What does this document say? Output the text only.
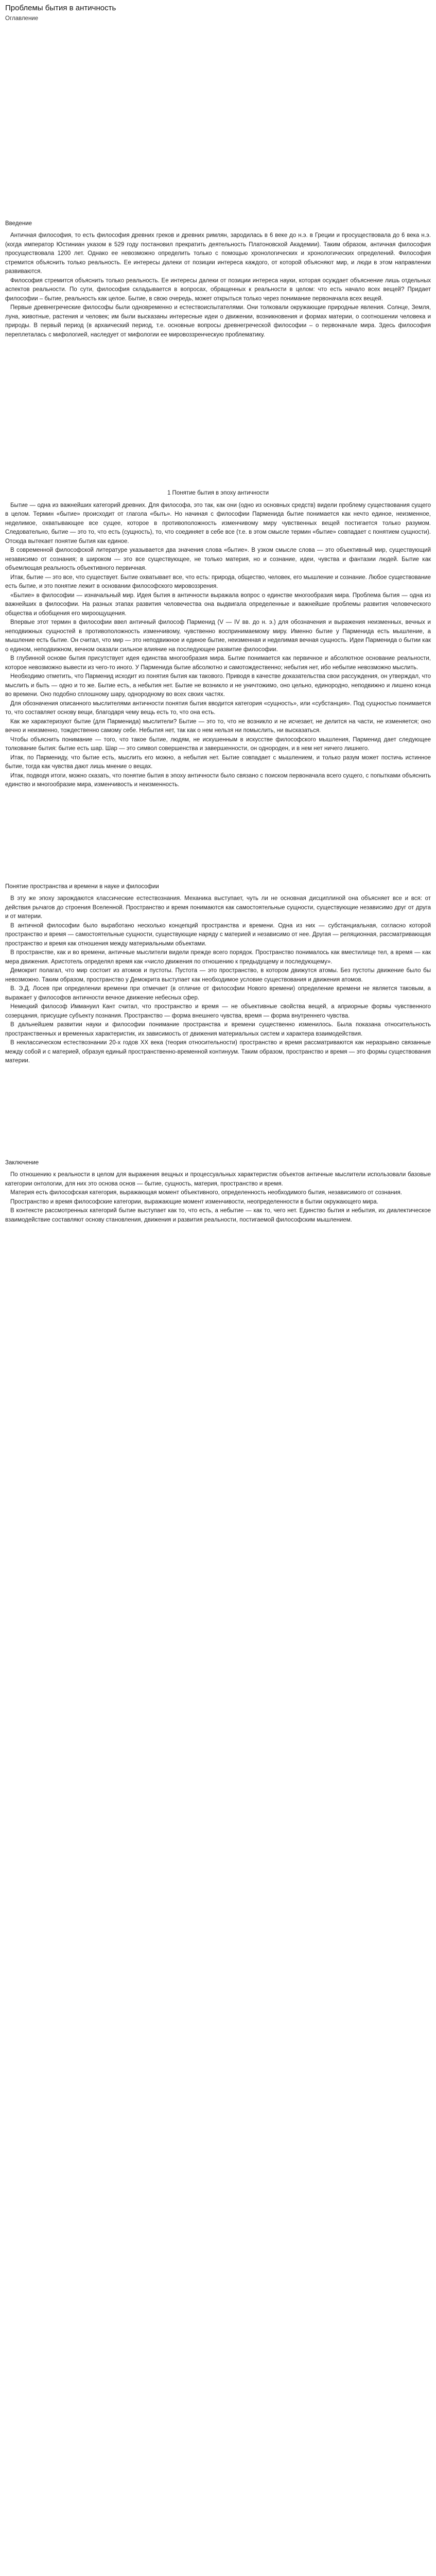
Проблемы бытия в античность
Оглавление
Введение

Античная философия, то есть философия древних греков и древних римлян, зародилась в 6 веке до н.э. в Греции и просуществовала до 6 века н.э. (когда император Юстиниан указом в 529 году постановил прекратить деятельность Платоновской Академии). Таким образом, античная философия просуществовала 1200 лет. Однако ее невозможно определить только с помощью хронологических и хронологических определений. Философия стремится объяснить только реальность. Ее интересы далеки от позиции интереса каждого, от которой объясняют мир, и люди в этом направлении развиваются.

Философия стремится объяснить только реальность. Ее интересы далеки от позиции интереса науки, которая осуждает объяснение лишь отдельных аспектов реальности. По сути, философия складывается в вопросах, обращенных к реальности в целом: что есть начало всех вещей? Придает философии – бытие, реальность как целое. Бытие, в свою очередь, может открыться только через понимание первоначала всех вещей.

Первые древнегреческие философы были одновременно и естествоиспытателями. Они толковали окружающие природные явления. Солнце, Земля, луна, животные, растения и человек; им были высказаны интересные идеи о движении, возникновения и формах материи, о соотношении человека и природы. В первый период (в архаический период, т.е. основные вопросы древнегреческой философии – о первоначале мира. Здесь философия переплеталась с мифологией, наследует от мифологии ее мировоззренческую проблематику.

1 Понятие бытия в эпоху античности

Бытие — одна из важнейших категорий древних. Для философа, это так, как они (одно из основных средств) видели проблему существования сущего в целом. Термин «бытие» происходит от глагола «быть». Но начиная с философии Парменида бытие понимается как нечто единое, неизменное, неделимое, охватывающее все сущее, которое в противоположность изменчивому миру чувственных вещей постигается только разумом. Следовательно, бытие — это то, что есть (сущность), то, что соединяет в себе все (т.е. в этом смысле термин «бытие» совпадает с понятием сущности). Отсюда вытекает понятие бытия как единое.

В современной философской литературе указывается два значения слова «бытие». В узком смысле слова — это объективный мир, существующий независимо от сознания; в широком — это все существующее, не только материя, но и сознание, идеи, чувства и фантазии людей. Бытие как объемлющая реальность объективного первичная.

Итак, бытие — это все, что существует. Бытие охватывает все, что есть: природа, общество, человек, его мышление и сознание. Любое существование есть бытие, и это понятие лежит в основании философского мировоззрения.

«Бытие» в философии — изначальный мир. Идея бытия в античности выражала вопрос о единстве многообразия мира. Проблема бытия — одна из важнейших в философии. На разных этапах развития человечества она выдвигала определенные и важнейшие проблемы развития человеческого общества и обобщения его мироощущения.

Впервые этот термин в философии ввел античный философ Парменид (V — IV вв. до н. э.) для обозначения и выражения неизменных, вечных и неподвижных сущностей в противоположность изменчивому, чувственно воспринимаемому миру. Именно бытие у Парменида есть мышление, а мышление есть бытие. Он считал, что мир — это неподвижное и единое бытие, неизменная и неделимая вечная сущность. Идеи Парменида о бытии как о едином, неподвижном, вечном оказали сильное влияние на последующее развитие философии.

В глубинной основе бытия присутствует идея единства многообразия мира. Бытие понимается как первичное и абсолютное основание реальности, которое невозможно вывести из чего-то иного. У Парменида бытие абсолютно и самотождественно; небытия нет, ибо небытие невозможно мыслить.

Необходимо отметить, что Парменид исходит из понятия бытия как такового. Приводя в качестве доказательства свои рассуждения, он утверждал, что мыслить и быть — одно и то же. Бытие есть, а небытия нет. Бытие не возникло и не уничтожимо, оно цельно, единородно, неподвижно и лишено конца во времени. Оно подобно сплошному шару, однородному во всех своих частях.

Для обозначения описанного мыслителями античности понятия бытия вводится категория «сущность», или «субстанция». Под сущностью понимается то, что составляет основу вещи, благодаря чему вещь есть то, что она есть.

Как же характеризуют бытие (для Парменида) мыслители? Бытие — это то, что не возникло и не исчезает, не делится на части, не изменяется; оно вечно и неизменно, тождественно самому себе. Небытия нет, так как о нем нельзя ни помыслить, ни высказаться.

Чтобы объяснить понимание — того, что такое бытие, людям, не искушенным в искусстве философского мышления, Парменид дает следующее толкование бытия: бытие есть шар. Шар — это символ совершенства и завершенности, он однороден, и в нем нет ничего лишнего.

Итак, по Пармениду, что бытие есть, мыслить его можно, а небытия нет. Бытие совпадает с мышлением, и только разум может постичь истинное бытие, тогда как чувства дают лишь мнение о вещах.

Итак, подводя итоги, можно сказать, что понятие бытия в эпоху античности было связано с поиском первоначала всего сущего, с попытками объяснить единство и многообразие мира, изменчивость и неизменность.

Понятие пространства и времени в науке и философии

В эту же эпоху зарождаются классические естествознания. Механика выступает, чуть ли не основная дисциплиной она объясняет все и вся: от действия рычагов до строения Вселенной. Пространство и время понимаются как самостоятельные сущности, существующие независимо друг от друга и от материи.

В античной философии было выработано несколько концепций пространства и времени. Одна из них — субстанциальная, согласно которой пространство и время — самостоятельные сущности, существующие наряду с материей и независимо от нее. Другая — реляционная, рассматривающая пространство и время как отношения между материальными объектами.

В пространстве, как и во времени, античные мыслители видели прежде всего порядок. Пространство понималось как вместилище тел, а время — как мера движения. Аристотель определял время как «число движения по отношению к предыдущему и последующему».

Демокрит полагал, что мир состоит из атомов и пустоты. Пустота — это пространство, в котором движутся атомы. Без пустоты движение было бы невозможно. Таким образом, пространство у Демокрита выступает как необходимое условие существования и движения атомов.

В. Э.Д. Лосев при определении времени при отмечает (в отличие от философии Нового времени) определение времени не является таковым, а выражает у философов античности вечное движение небесных сфер.

Немецкий философ Иммануил Кант считал, что пространство и время — не объективные свойства вещей, а априорные формы чувственного созерцания, присущие субъекту познания. Пространство — форма внешнего чувства, время — форма внутреннего чувства.

В дальнейшем развитии науки и философии понимание пространства и времени существенно изменилось. Была показана относительность пространственных и временных характеристик, их зависимость от движения материальных систем и характера взаимодействия.

В неклассическом естествознании 20-х годов XX века (теория относительности) пространство и время рассматриваются как неразрывно связанные между собой и с материей, образуя единый пространственно-временной континуум. Таким образом, пространство и время — это формы существования материи.

Заключение

По отношению к реальности в целом для выражения вещных и процессуальных характеристик объектов античные мыслители использовали базовые категории онтологии, для них это основа основ — бытие, сущность, материя, пространство и время.

Материя есть философская категория, выражающая момент объективного, определенность необходимого бытия, независимого от сознания.

Пространство и время философские категории, выражающие момент изменчивости, неопределенности в бытии окружающего мира.

В контексте рассмотренных категорий бытие выступает как то, что есть, а небытие — как то, чего нет. Единство бытия и небытия, их диалектическое взаимодействие составляют основу становления, движения и развития реальности, постигаемой философским мышлением.
